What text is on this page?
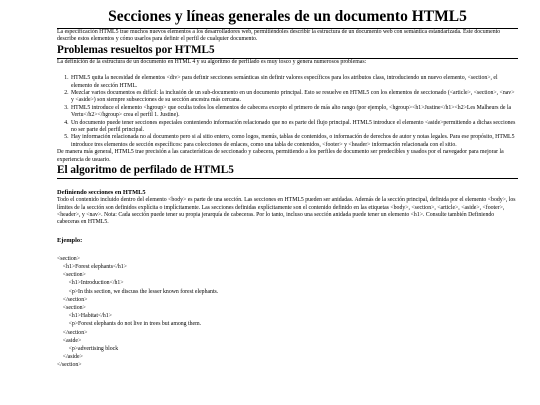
Secciones y líneas generales de un documento HTML5

La especificación HTML5 trae muchos nuevos elementos a los desarrolladores web, permitiéndoles describir la estructura de un documento web con semántica estandarizada. Este documento describe estos elementos y cómo usarlos para definir el perfil de cualquier documento.

Problemas resueltos por HTML5

La definición de la estructura de un documento en HTML 4 y su algoritmo de perfilado es muy tosco y genera numerosos problemas:

1. HTML5 quita la necesidad de elementos <div> para definir secciones semánticas sin definir valores específicos para los atributos class, introduciendo un nuevo elemento, <section>, el elemento de sección HTML.
2. Mezclar varios documentos es difícil: la inclusión de un sub-documento en un documento principal. Esto se resuelve en HTML5 con los elementos de seccionado (<article>, <section>, <nav> y <aside>) son siempre subsecciones de su sección ancestra más cercana.
3. HTML5 introduce el elemento <hgroup> que oculta todos los elementos de cabecera excepto el primero de más alto rango (por ejemplo, <hgroup><h1>Justine</h1><h2>Les Malheurs de la Vertu</h2></hgroup> crea el perfil 1. Justine).
4. Un documento puede tener secciones especiales conteniendo información relacionado que no es parte del flujo principal. HTML5 introduce el elemento <aside>permitiendo a dichas secciones no ser parte del perfil principal.
5. Hay información relacionada no al documento pero si al sitio entero, como logos, menús, tablas de contenidos, o información de derechos de autor y notas legales. Para ese propósito, HTML5 introduce tres elementos de sección específicos: para colecciones de enlaces, como una tabla de contenidos, <footer> y <header> información relacionada con el sitio.

De manera más general, HTML5 trae precisión a las características de seccionado y cabecera, permitiendo a los perfiles de documento ser predecibles y usados por el navegador para mejorar la experiencia de usuario.

El algoritmo de perfilado de HTML5
Definiendo secciones en HTML5

Todo el contenido incluido dentro del elemento <body> es parte de una sección. Las secciones en HTML5 pueden ser anidadas. Además de la sección principal, definida por el elemento <body>, los límites de la sección son definidos explícita o implícitamente. Las secciones definidas explícitamente son el contenido definido en las etiquetas <body>, <section>, <article>, <aside>, <footer>, <header>, y <nav>. Nota: Cada sección puede tener su propia jerarquía de cabeceras. Por lo tanto, incluso una sección anidada puede tener un elemento <h1>. Consulte también Definiendo cabeceras en HTML5.

Ejemplo:
<section>
<h1>Forest elephants</h1>
<section>
<h1>Introduction</h1>
<p>In this section, we discuss the lesser known forest elephants.
</section>
<section>
<h1>Habitat</h1>
<p>Forest elephants do not live in trees but among them.
</section>
<aside>
<p>advertising block
</aside>
</section>
